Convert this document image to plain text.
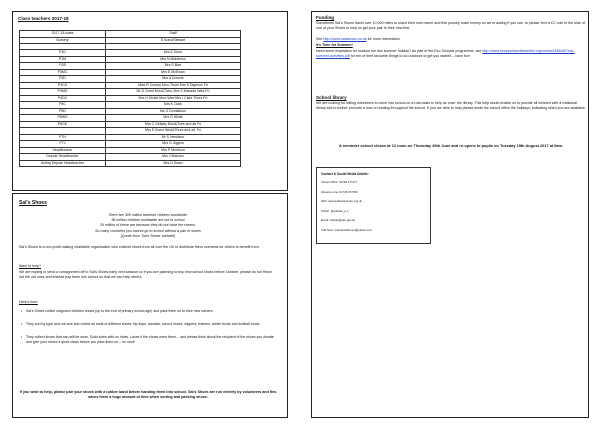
Class teachers 2017-18
2017-18 class	Staff
Nursery	S Nuno/Stewart

P1D	Mrs E Dunn
P1M	Mrs N Middleton
P2B	Mrs S Barr
P3MC	Mrs E McEwan
P3D	Mrs A Downie
P3CD	Miss R Coorey Mon-Thurs Mrs S Digence Fri
P4MD	Mr D Grant Mon&Tues, Mrs S Macadd Wed-Fri
P4DC	Mrs H Dickie Mon-Wed Mrs I Clark Thurs-Fri
P5C	Mrs K Clark
P5D	Ms G Donaldson
P6WD	Mrs G White
P6GE	Mrs C Gellatly Mon&Tues and alt Fri
	Mrs E Ewen Wed&Thurs and alt. Fri
P7H	Mr S Hewitson
P7J	Mrs G Jiggins
Headteacher	Mrs P Morrison
Depute Headteacher	Mrs J Manson
Acting Depute Headteacher	Mrs D Swan
Sal's Shoes
There are 300 million barefoot children worldwide.
58 million children worldwide are not in school
29 million of these are because they do not have the means.
So many countries you cannot go to school without a pair of shoes
(Quote from 'Sal's Shoes' website)
Sal's Shoes is a non-profit making charitable organisation who collects shoes from all over the UK to distribute them overseas for others to benefit from.
Want to help?
We are hoping to send a consignment off to Sal's Shoes early next session so if you are planning to buy new school shoes before October, please do not throw out the old ones and instead pop them into school so that we can help others.
Here's how:
• Sal's Shoes collect outgrown children shoes (up to the end of primary school age) and pass them on to their new owners.
• They sort by type and not size and collect all sorts of different shoes: flip flops, sandals, school shoes, slippers, trainers, winter boots and football boots.
• They collect shoes that can still be worn. Solid soles with no holes. Laces if the shoes need them… and please think about the recipient of the shoes you donate and give your shoes a quick clean before you pass them on – no mud!
If you wish to help, please pair your shoes with a rubber band before handing them into school. Sal's Shoes are run entirely by volunteers and this saves them a huge amount of time when sorting and packing shoes.
Funding
Sometimes Sal's Shoes travel over 10,000 miles to reach their new owner and this journey costs money so we're asking if you can, to please 'text a £1' coin to the side of one of your Shoes to help us get your pair to their new feet.
See http://www.salsshoes.co.uk for more information.
It's Time for Summer!
Need some inspiration for outdoor fun this summer holiday? As part of the Eco Schools programme, see http://www.keepscotlandbeautiful.org/media/1558487/eco-summer-activities.pdf for ten of their favourite things to do outdoors to get you started – have fun!
School library
We are looking for willing volunteers to come into school on a rota basis to help us 'man' the library. This help would enable us to provide all children with a rotational library slot to further promote a love of reading throughout the school. If you are able to help please email the school office the holidays, indicating when you are available.
A reminder school closes at 12 noon on Thursday 29th June and re-opens to pupils on Tuesday 15th August 2017 at 9am.
Contact & Social Media Details:
School Office: 01738 477477
Absence Line: 01738 477480
Web: www.sullivanprimary.org.uk
Twitter: @sullivan_p.s
Email: sullivan@pkc.gov.uk
Sulli Norn: sullivanhalfmoon@yahoo.com
